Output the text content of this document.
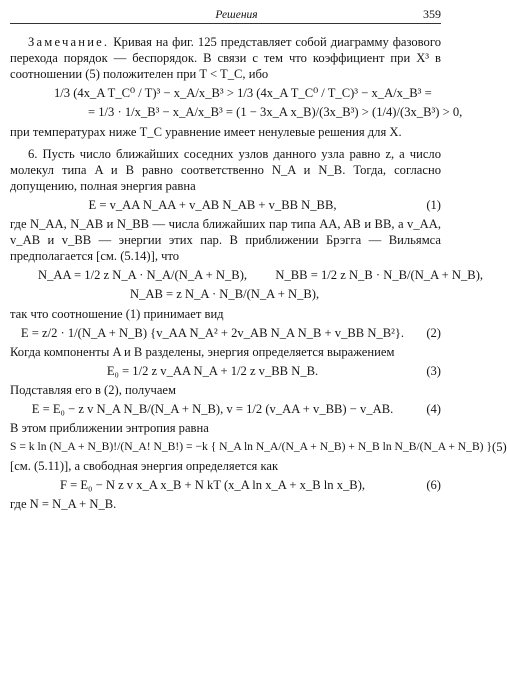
Решения	359

Замечание. Кривая на фиг. 125 представляет собой диаграмму фазового перехода порядок — беспорядок. В связи с тем что коэффициент при X³ в соотношении (5) положителен при T < T_C, ибо

1/3 (4x_A T_C⁰ / T)³ − x_A/x_B³ > 1/3 (4x_A T_C⁰ / T_C)³ − x_A/x_B³ =
= 1/3 · 1/x_B³ − x_A/x_B³ = (1 − 3x_A x_B)/(3x_B³) > (1/4)/(3x_B³) > 0,

при температурах ниже T_C уравнение имеет ненулевые решения для X.

6. Пусть число ближайших соседних узлов данного узла равно z, а число молекул типа A и B равно соответственно N_A и N_B. Тогда, согласно допущению, полная энергия равна

E = v_AA N_AA + v_AB N_AB + v_BB N_BB,	(1)

где N_AA, N_AB и N_BB — числа ближайших пар типа AA, AB и BB, а v_AA, v_AB и v_BB — энергии этих пар. В приближении Брэгга — Вильямса предполагается [см. (5.14)], что

N_AA = 1/2 z N_A · N_A/(N_A + N_B), N_BB = 1/2 z N_B · N_B/(N_A + N_B),
N_AB = z N_A · N_B/(N_A + N_B),

так что соотношение (1) принимает вид

E = z/2 · 1/(N_A + N_B) {v_AA N_A² + 2v_AB N_A N_B + v_BB N_B²}.	(2)

Когда компоненты A и B разделены, энергия определяется выражением

E₀ = 1/2 z v_AA N_A + 1/2 z v_BB N_B.	(3)

Подставляя его в (2), получаем

E = E₀ − z v N_A N_B/(N_A + N_B), v = 1/2 (v_AA + v_BB) − v_AB.	(4)

В этом приближении энтропия равна

S = k ln (N_A + N_B)!/(N_A! N_B!) = −k { N_A ln N_A/(N_A + N_B) + N_B ln N_B/(N_A + N_B) } (5)

[см. (5.11)], а свободная энергия определяется как

F = E₀ − N z v x_A x_B + N kT (x_A ln x_A + x_B ln x_B),	(6)

где N = N_A + N_B.
